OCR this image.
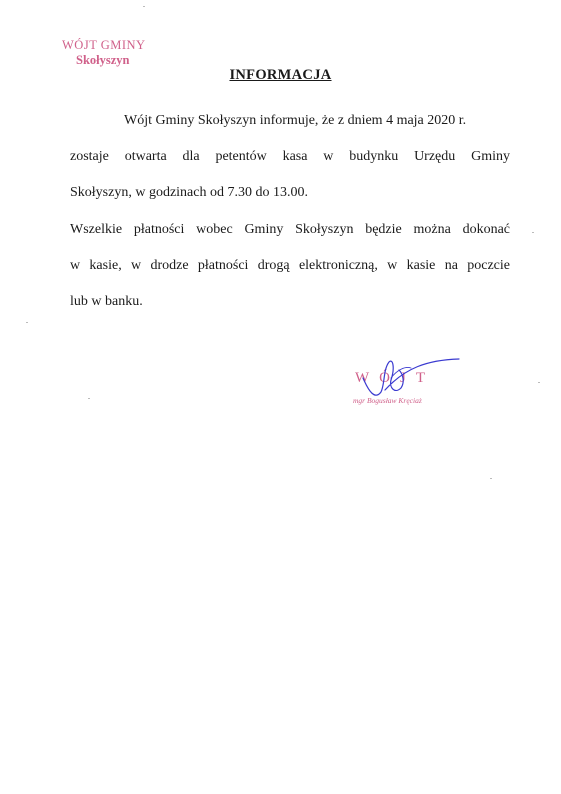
WÓJT GMINY
Skołyszyn
INFORMACJA
Wójt Gminy Skołyszyn informuje, że z dniem 4 maja 2020 r.
zostaje otwarta dla petentów kasa w budynku Urzędu Gminy
Skołyszyn, w godzinach od 7.30 do 13.00.
Wszelkie płatności wobec Gminy Skołyszyn będzie można dokonać
w kasie, w drodze płatności drogą elektroniczną, w kasie na poczcie
lub w banku.
WÓJT
mgr Bogusław Kręciaż
